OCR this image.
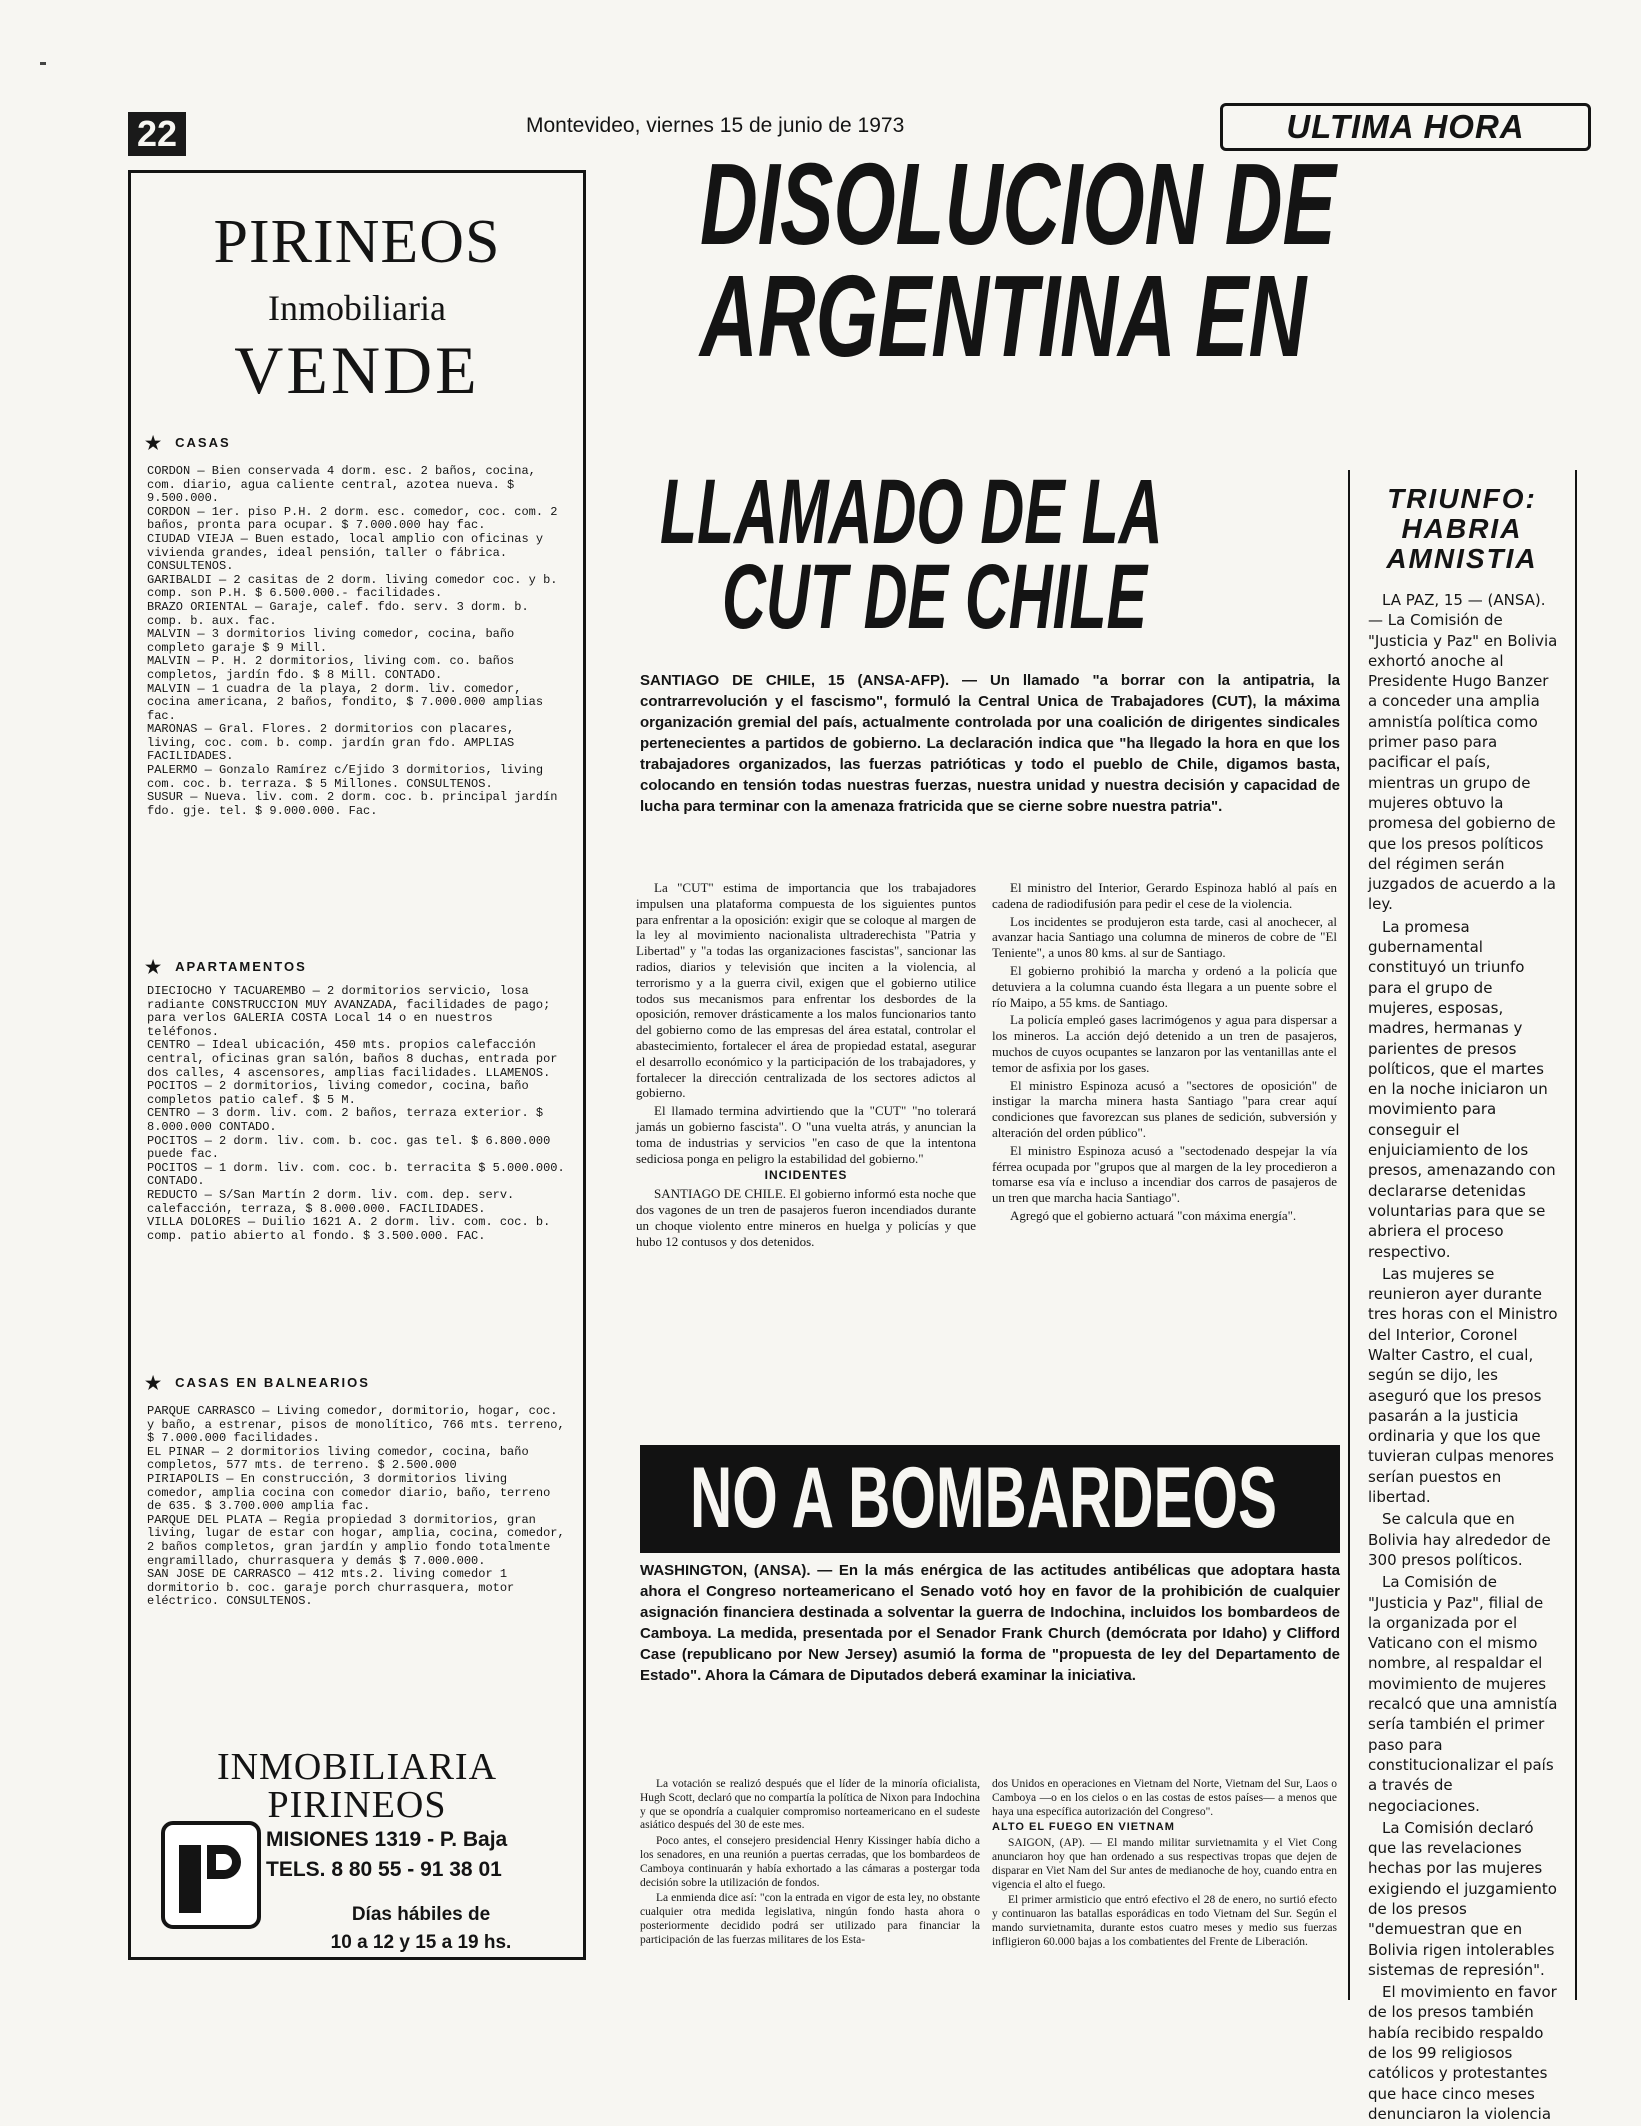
22	Montevideo, viernes 15 de junio de 1973	ULTIMA HORA
PIRINEOS
Inmobiliaria
VENDE
★ CASAS

CORDON — Bien conservada 4 dorm. esc. 2 baños, cocina, com. diario, agua caliente central, azotea nueva. $ 9.500.000.

CORDON — 1er. piso P.H. 2 dorm. esc. comedor, coc. com. 2 baños, pronta para ocupar. $ 7.000.000 hay fac.

CIUDAD VIEJA — Buen estado, local amplio con oficinas y vivienda grandes, ideal pensión, taller o fábrica. CONSULTENOS.

GARIBALDI — 2 casitas de 2 dorm. living comedor coc. y b. comp. son P.H. $ 6.500.000.- facilidades.

BRAZO ORIENTAL — Garaje, calef. fdo. serv. 3 dorm. b. comp. b. aux. fac.

MALVIN — 3 dormitorios living comedor, cocina, baño completo garaje $ 9 Mill.

MALVIN — P. H. 2 dormitorios, living com. co. baños completos, jardín fdo. $ 8 Mill. CONTADO.

MALVIN — 1 cuadra de la playa, 2 dorm. liv. comedor, cocina americana, 2 baños, fondito, $ 7.000.000 amplias fac.

MARONAS — Gral. Flores. 2 dormitorios con placares, living, coc. com. b. comp. jardín gran fdo. AMPLIAS FACILIDADES.

PALERMO — Gonzalo Ramírez c/Ejido 3 dormitorios, living com. coc. b. terraza. $ 5 Millones. CONSULTENOS.

SUSUR — Nueva. liv. com. 2 dorm. coc. b. principal jardín fdo. gje. tel. $ 9.000.000. Fac.

★ APARTAMENTOS

DIECIOCHO Y TACUAREMBO — 2 dormitorios servicio, losa radiante CONSTRUCCION MUY AVANZADA, facilidades de pago; para verlos GALERIA COSTA Local 14 o en nuestros teléfonos.

CENTRO — Ideal ubicación, 450 mts. propios calefacción central, oficinas gran salón, baños 8 duchas, entrada por dos calles, 4 ascensores, amplias facilidades. LLAMENOS.

POCITOS — 2 dormitorios, living comedor, cocina, baño completos patio calef. $ 5 M.

CENTRO — 3 dorm. liv. com. 2 baños, terraza exterior. $ 8.000.000 CONTADO.

POCITOS — 2 dorm. liv. com. b. coc. gas tel. $ 6.800.000 puede fac.

POCITOS — 1 dorm. liv. com. coc. b. terracita $ 5.000.000. CONTADO.

REDUCTO — S/San Martín 2 dorm. liv. com. dep. serv. calefacción, terraza, $ 8.000.000. FACILIDADES.

VILLA DOLORES — Duilio 1621 A. 2 dorm. liv. com. coc. b. comp. patio abierto al fondo. $ 3.500.000. FAC.

★ CASAS EN BALNEARIOS

PARQUE CARRASCO — Living comedor, dormitorio, hogar, coc. y baño, a estrenar, pisos de monolítico, 766 mts. terreno, $ 7.000.000 facilidades.

EL PINAR — 2 dormitorios living comedor, cocina, baño completos, 577 mts. de terreno. $ 2.500.000

PIRIAPOLIS — En construcción, 3 dormitorios living comedor, amplia cocina con comedor diario, baño, terreno de 635. $ 3.700.000 amplia fac.

PARQUE DEL PLATA — Regia propiedad 3 dormitorios, gran living, lugar de estar con hogar, amplia, cocina, comedor, 2 baños completos, gran jardín y amplio fondo totalmente engramillado, churrasquera y demás $ 7.000.000.

SAN JOSE DE CARRASCO — 412 mts.2. living comedor 1 dormitorio b. coc. garaje porch churrasquera, motor eléctrico. CONSULTENOS.

INMOBILIARIA
PIRINEOS
MISIONES 1319 - P. Baja
TELS. 8 80 55 - 91 38 01
Días hábiles de
10 a 12 y 15 a 19 hs.
DISOLUCION DE
ARGENTINA EN
LLAMADO DE LA
CUT DE CHILE
SANTIAGO DE CHILE, 15 (ANSA-AFP). — Un llamado "a borrar con la antipatria, la contrarrevolución y el fascismo", formuló la Central Unica de Trabajadores (CUT), la máxima organización gremial del país, actualmente controlada por una coalición de dirigentes sindicales pertenecientes a partidos de gobierno. La declaración indica que "ha llegado la hora en que los trabajadores organizados, las fuerzas patrióticas y todo el pueblo de Chile, digamos basta, colocando en tensión todas nuestras fuerzas, nuestra unidad y nuestra decisión y capacidad de lucha para terminar con la amenaza fratricida que se cierne sobre nuestra patria".

La "CUT" estima de importancia que los trabajadores impulsen una plataforma compuesta de los siguientes puntos para enfrentar a la oposición: exigir que se coloque al margen de la ley al movimiento nacionalista ultraderechista "Patria y Libertad" y "a todas las organizaciones fascistas", sancionar las radios, diarios y televisión que inciten a la violencia, al terrorismo y a la guerra civil, exigen que el gobierno utilice todos sus mecanismos para enfrentar los desbordes de la oposición, remover drásticamente a los malos funcionarios tanto del gobierno como de las empresas del área estatal, controlar el abastecimiento, fortalecer el área de propiedad estatal, asegurar el desarrollo económico y la participación de los trabajadores, y fortalecer la dirección centralizada de los sectores adictos al gobierno.

El llamado termina advirtiendo que la "CUT" "no tolerará jamás un gobierno fascista". O "una vuelta atrás, y anuncian la toma de industrias y servicios "en caso de que la intentona sediciosa ponga en peligro la estabilidad del gobierno."

INCIDENTES

SANTIAGO DE CHILE. El gobierno informó esta noche que dos vagones de un tren de pasajeros fueron incendiados durante un choque violento entre mineros en huelga y policías y que hubo 12 contusos y dos detenidos.

El ministro del Interior, Gerardo Espinoza habló al país en cadena de radiodifusión para pedir el cese de la violencia.

Los incidentes se produjeron esta tarde, casi al anochecer, al avanzar hacia Santiago una columna de mineros de cobre de "El Teniente", a unos 80 kms. al sur de Santiago.

El gobierno prohibió la marcha y ordenó a la policía que detuviera a la columna cuando ésta llegara a un puente sobre el río Maipo, a 55 kms. de Santiago.

La policía empleó gases lacrimógenos y agua para dispersar a los mineros. La acción dejó detenido a un tren de pasajeros, muchos de cuyos ocupantes se lanzaron por las ventanillas ante el temor de asfixia por los gases.

El ministro Espinoza acusó a "sectores de oposición" de instigar la marcha minera hasta Santiago "para crear aquí condiciones que favorezcan sus planes de sedición, subversión y alteración del orden público".

El ministro Espinoza acusó a "sectodenado despejar la vía férrea ocupada por "grupos que al margen de la ley procedieron a tomarse esa vía e incluso a incendiar dos carros de pasajeros de un tren que marcha hacia Santiago".

Agregó que el gobierno actuará "con máxima energía".

TRIUNFO:
HABRIA
AMNISTIA

LA PAZ, 15 — (ANSA). — La Comisión de "Justicia y Paz" en Bolivia exhortó anoche al Presidente Hugo Banzer a conceder una amplia amnistía política como primer paso para pacificar el país, mientras un grupo de mujeres obtuvo la promesa del gobierno de que los presos políticos del régimen serán juzgados de acuerdo a la ley.

La promesa gubernamental constituyó un triunfo para el grupo de mujeres, esposas, madres, hermanas y parientes de presos políticos, que el martes en la noche iniciaron un movimiento para conseguir el enjuiciamiento de los presos, amenazando con declararse detenidas voluntarias para que se abriera el proceso respectivo.

Las mujeres se reunieron ayer durante tres horas con el Ministro del Interior, Coronel Walter Castro, el cual, según se dijo, les aseguró que los presos pasarán a la justicia ordinaria y que los que tuvieran culpas menores serían puestos en libertad.

Se calcula que en Bolivia hay alrededor de 300 presos políticos.

La Comisión de "Justicia y Paz", filial de la organizada por el Vaticano con el mismo nombre, al respaldar el movimiento de mujeres recalcó que una amnistía sería también el primer paso para constitucionalizar el país a través de negociaciones.

La Comisión declaró que las revelaciones hechas por las mujeres exigiendo el juzgamiento de los presos "demuestran que en Bolivia rigen intolerables sistemas de represión".

El movimiento en favor de los presos también había recibido respaldo de los 99 religiosos católicos y protestantes que hace cinco meses denunciaron la violencia

NO A BOMBARDEOS
WASHINGTON, (ANSA). — En la más enérgica de las actitudes antibélicas que adoptara hasta ahora el Congreso norteamericano el Senado votó hoy en favor de la prohibición de cualquier asignación financiera destinada a solventar la guerra de Indochina, incluidos los bombardeos de Camboya. La medida, presentada por el Senador Frank Church (demócrata por Idaho) y Clifford Case (republicano por New Jersey) asumió la forma de "propuesta de ley del Departamento de Estado". Ahora la Cámara de Diputados deberá examinar la iniciativa.

La votación se realizó después que el líder de la minoría oficialista, Hugh Scott, declaró que no compartía la política de Nixon para Indochina y que se opondría a cualquier compromiso norteamericano en el sudeste asiático después del 30 de este mes.

Poco antes, el consejero presidencial Henry Kissinger había dicho a los senadores, en una reunión a puertas cerradas, que los bombardeos de Camboya continuarán y había exhortado a las cámaras a postergar toda decisión sobre la utilización de fondos.

La enmienda dice así: "con la entrada en vigor de esta ley, no obstante cualquier otra medida legislativa, ningún fondo hasta ahora o posteriormente decidido podrá ser utilizado para financiar la participación de las fuerzas militares de los Esta-

dos Unidos en operaciones en Vietnam del Norte, Vietnam del Sur, Laos o Camboya —o en los cielos o en las costas de estos países— a menos que haya una específica autorización del Congreso".

ALTO EL FUEGO EN VIETNAM

SAIGON, (AP). — El mando militar survietnamita y el Viet Cong anunciaron hoy que han ordenado a sus respectivas tropas que dejen de disparar en Viet Nam del Sur antes de medianoche de hoy, cuando entra en vigencia el alto el fuego.

El primer armisticio que entró efectivo el 28 de enero, no surtió efecto y continuaron las batallas esporádicas en todo Vietnam del Sur. Según el mando survietnamita, durante estos cuatro meses y medio sus fuerzas infligieron 60.000 bajas a los combatientes del Frente de Liberación.
